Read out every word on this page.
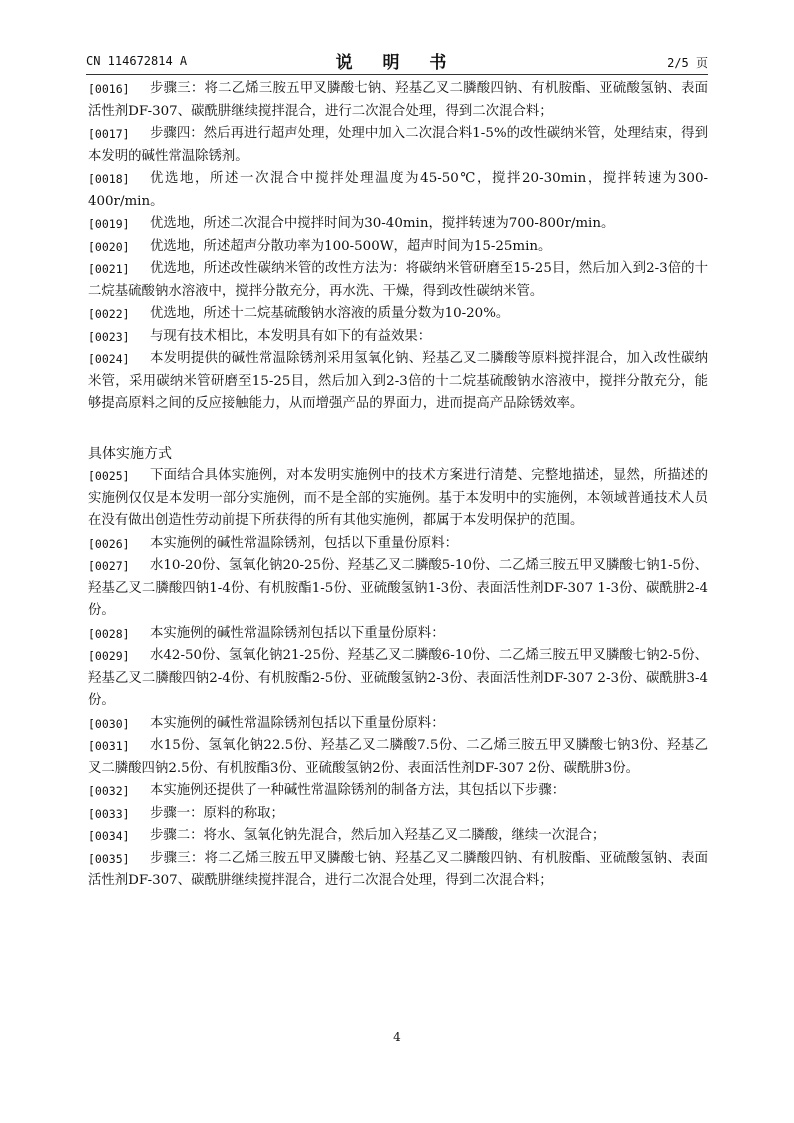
CN 114672814 A	说 明 书	2/5 页
[0016]	步骤三：将二乙烯三胺五甲叉膦酸七钠、羟基乙叉二膦酸四钠、有机胺酯、亚硫酸氢钠、表面活性剂DF-307、碳酰肼继续搅拌混合，进行二次混合处理，得到二次混合料；
[0017]	步骤四：然后再进行超声处理，处理中加入二次混合料1-5%的改性碳纳米管，处理结束，得到本发明的碱性常温除锈剂。
[0018]	优选地，所述一次混合中搅拌处理温度为45-50℃，搅拌20-30min，搅拌转速为300-400r/min。
[0019]	优选地，所述二次混合中搅拌时间为30-40min，搅拌转速为700-800r/min。
[0020]	优选地，所述超声分散功率为100-500W，超声时间为15-25min。
[0021]	优选地，所述改性碳纳米管的改性方法为：将碳纳米管研磨至15-25目，然后加入到2-3倍的十二烷基硫酸钠水溶液中，搅拌分散充分，再水洗、干燥，得到改性碳纳米管。
[0022]	优选地，所述十二烷基硫酸钠水溶液的质量分数为10-20%。
[0023]	与现有技术相比，本发明具有如下的有益效果：
[0024]	本发明提供的碱性常温除锈剂采用氢氧化钠、羟基乙叉二膦酸等原料搅拌混合，加入改性碳纳米管，采用碳纳米管研磨至15-25目，然后加入到2-3倍的十二烷基硫酸钠水溶液中，搅拌分散充分，能够提高原料之间的反应接触能力，从而增强产品的界面力，进而提高产品除锈效率。
具体实施方式
[0025]	下面结合具体实施例，对本发明实施例中的技术方案进行清楚、完整地描述，显然，所描述的实施例仅仅是本发明一部分实施例，而不是全部的实施例。基于本发明中的实施例，本领域普通技术人员在没有做出创造性劳动前提下所获得的所有其他实施例，都属于本发明保护的范围。
[0026]	本实施例的碱性常温除锈剂，包括以下重量份原料：
[0027]	水10-20份、氢氧化钠20-25份、羟基乙叉二膦酸5-10份、二乙烯三胺五甲叉膦酸七钠1-5份、羟基乙叉二膦酸四钠1-4份、有机胺酯1-5份、亚硫酸氢钠1-3份、表面活性剂DF-307 1-3份、碳酰肼2-4份。
[0028]	本实施例的碱性常温除锈剂包括以下重量份原料：
[0029]	水42-50份、氢氧化钠21-25份、羟基乙叉二膦酸6-10份、二乙烯三胺五甲叉膦酸七钠2-5份、羟基乙叉二膦酸四钠2-4份、有机胺酯2-5份、亚硫酸氢钠2-3份、表面活性剂DF-307 2-3份、碳酰肼3-4份。
[0030]	本实施例的碱性常温除锈剂包括以下重量份原料：
[0031]	水15份、氢氧化钠22.5份、羟基乙叉二膦酸7.5份、二乙烯三胺五甲叉膦酸七钠3份、羟基乙叉二膦酸四钠2.5份、有机胺酯3份、亚硫酸氢钠2份、表面活性剂DF-307 2份、碳酰肼3份。
[0032]	本实施例还提供了一种碱性常温除锈剂的制备方法，其包括以下步骤：
[0033]	步骤一：原料的称取；
[0034]	步骤二：将水、氢氧化钠先混合，然后加入羟基乙叉二膦酸，继续一次混合；
[0035]	步骤三：将二乙烯三胺五甲叉膦酸七钠、羟基乙叉二膦酸四钠、有机胺酯、亚硫酸氢钠、表面活性剂DF-307、碳酰肼继续搅拌混合，进行二次混合处理，得到二次混合料；
4
